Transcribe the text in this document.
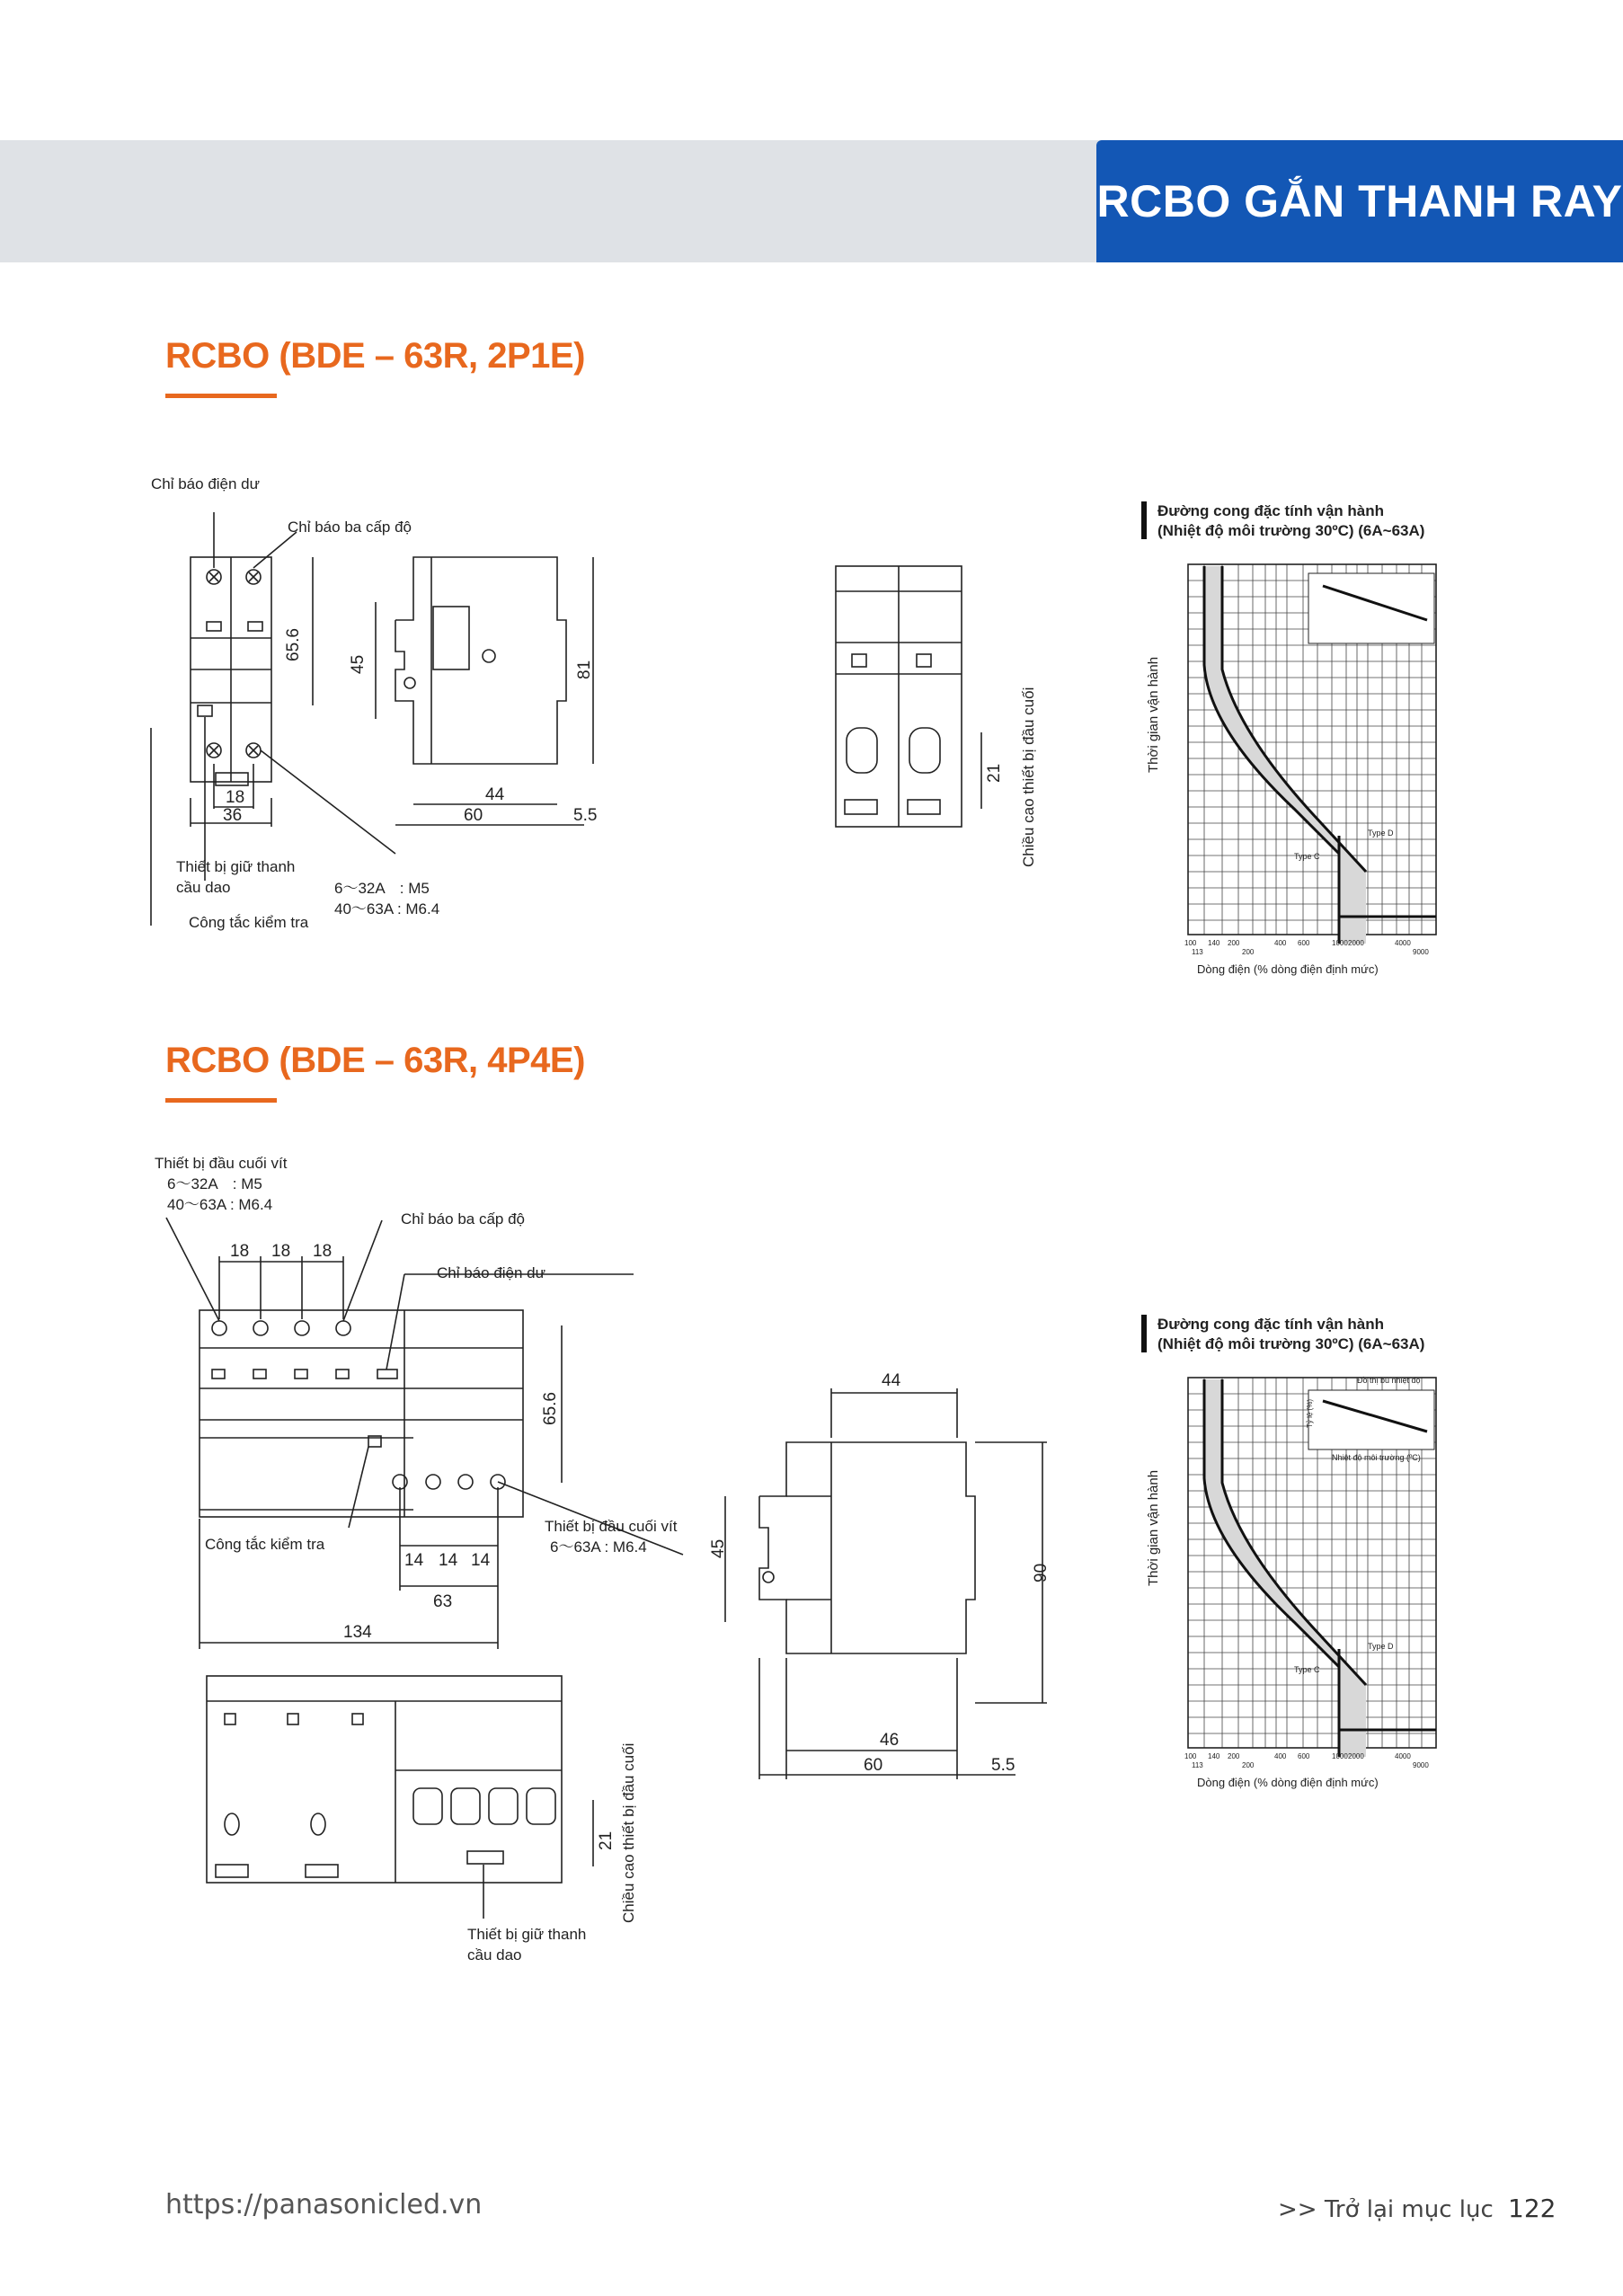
RCBO GẮN THANH RAY
RCBO (BDE – 63R, 2P1E)
65.6
45	81
18
36
44
60	5.5
Chỉ báo điện dư
Chỉ báo ba cấp độ
Thiết bị giữ thanh
cầu dao
Công tắc kiểm tra
6～32A　: M5
40～63A : M6.4
21 Chiều cao thiết bị đầu cuối
Đường cong đặc tính vận hành
(Nhiệt độ môi trường 30ºC) (6A~63A)
Type C
Type D
Thời gian vận hành
Dòng điện (% dòng điện định mức)
100 140 200	400 600	1000 2000	4000
113	200	9000
RCBO (BDE – 63R, 4P4E)
18 18 18
65.6
14 14 14
63
134
Thiết bị đầu cuối vít
6～32A　: M5
40～63A : M6.4
Chỉ báo ba cấp độ
Chỉ báo điện dư
Công tắc kiểm tra
Thiết bị đầu cuối vít
6～63A : M6.4
21 Chiều cao thiết bị đầu cuối
Thiết bị giữ thanh
cầu dao
44
45
90
46
60	5.5
Đường cong đặc tính vận hành
(Nhiệt độ môi trường 30ºC) (6A~63A)
Đồ thị bù nhiệt độ
Tỷ lệ (%)
Nhiệt độ môi trường (ºC)
Type C
Type D
Thời gian vận hành
Dòng điện (% dòng điện định mức)
100 140 200	400 600	1000 2000	4000
113	200	9000
https://panasonicled.vn	>> Trở lại mục lục 122
